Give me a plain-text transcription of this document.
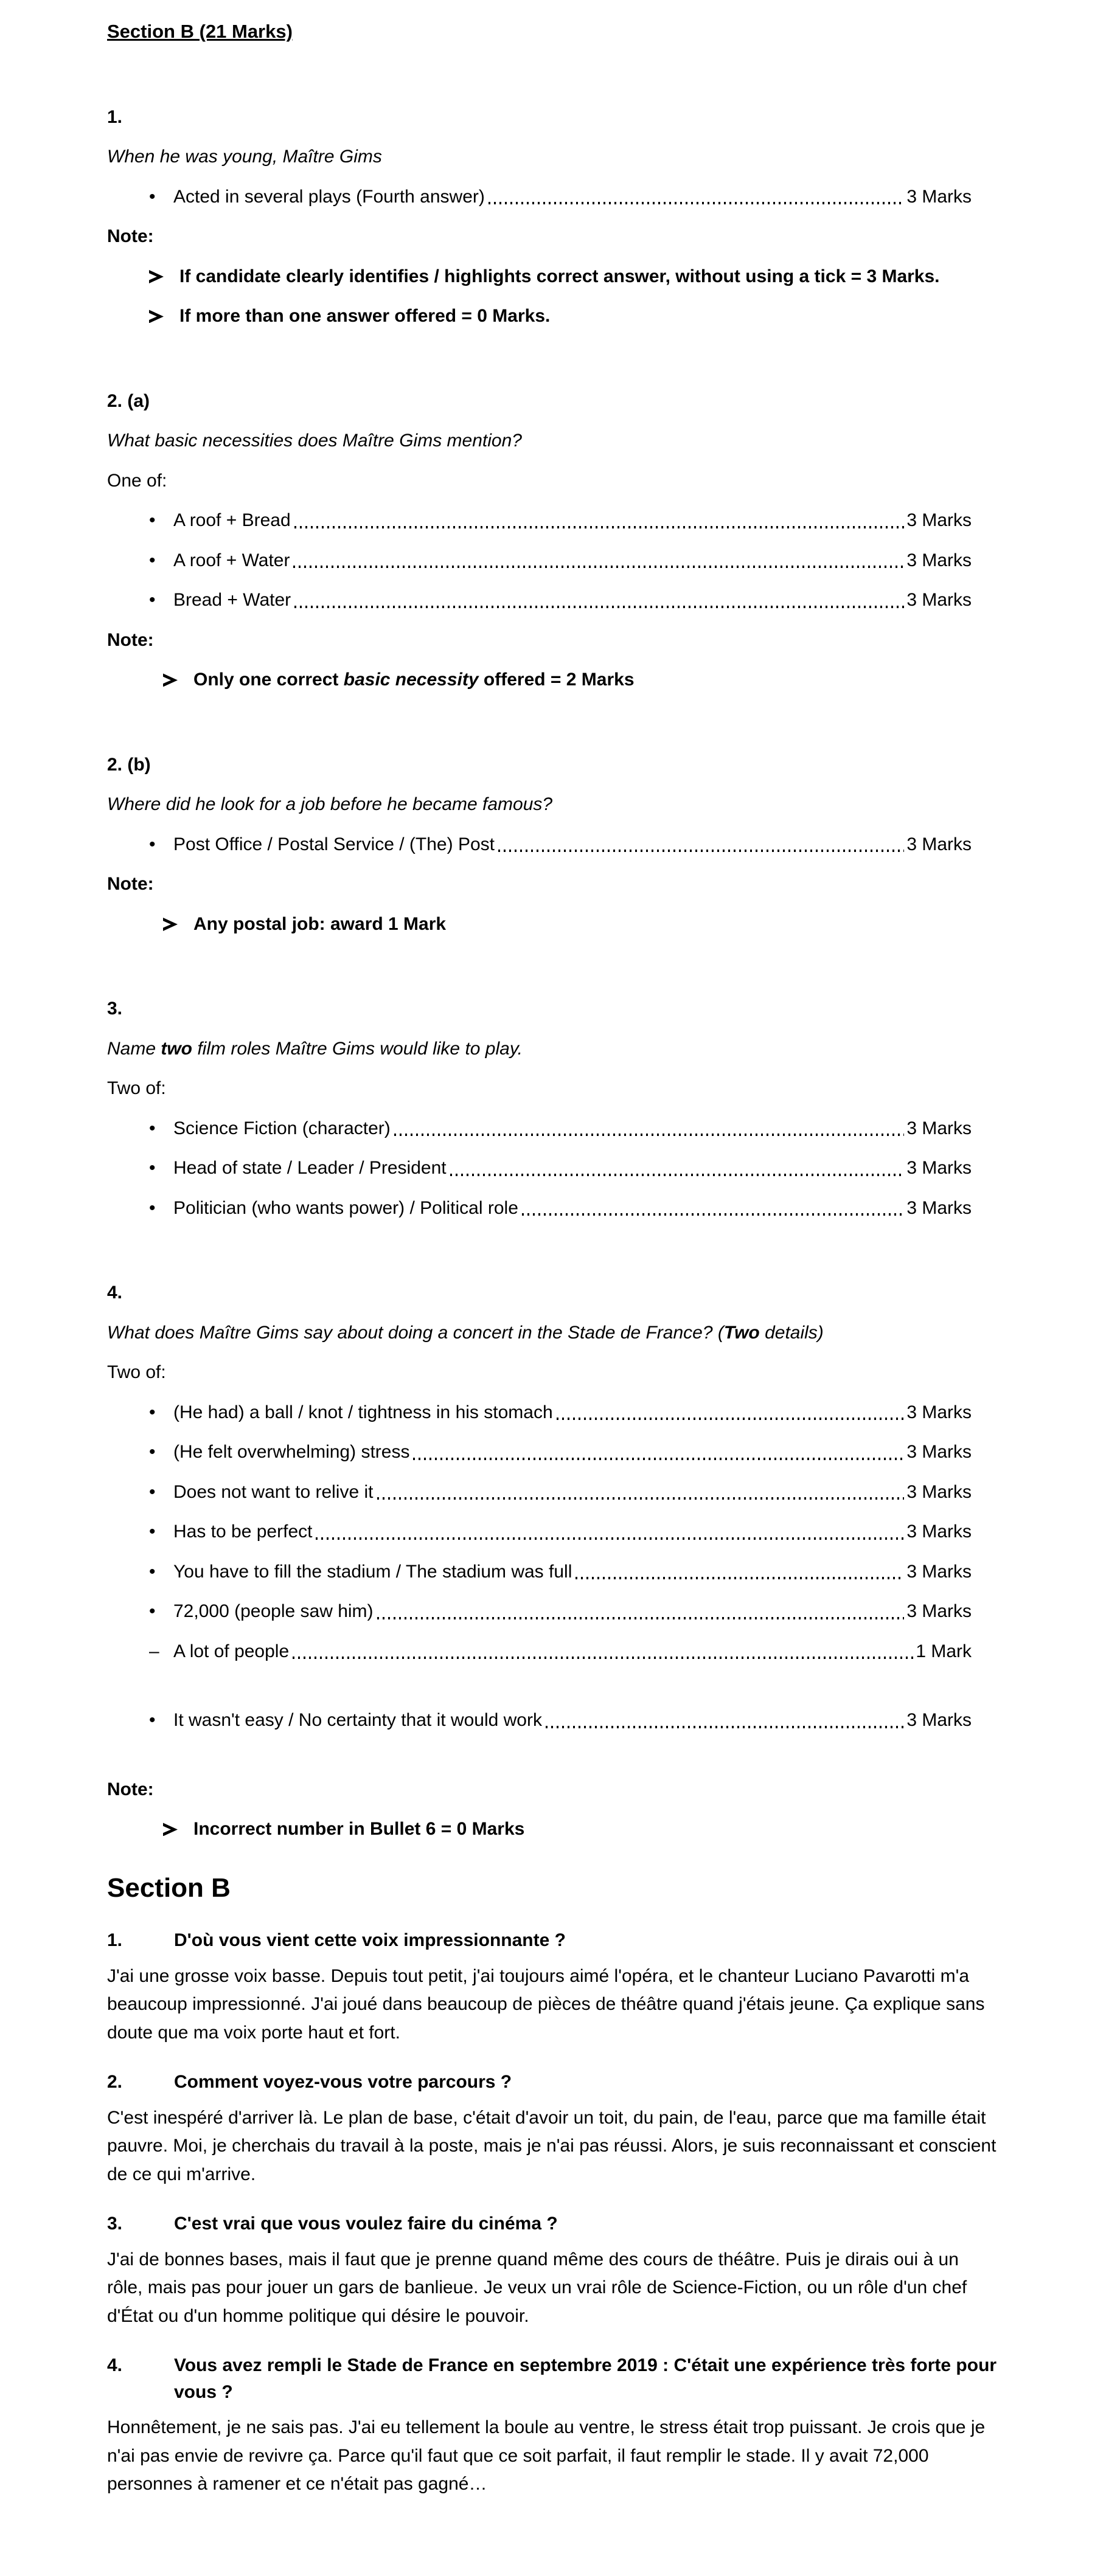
Section B (21 Marks)
1.
When he was young, Maître Gims
• Acted in several plays (Fourth answer)	3 Marks
Note:
If candidate clearly identifies / highlights correct answer, without using a tick = 3 Marks.
If more than one answer offered = 0 Marks.
2. (a)
What basic necessities does Maître Gims mention?
One of:
• A roof + Bread	3 Marks
• A roof + Water	3 Marks
• Bread + Water	3 Marks
Note:
Only one correct basic necessity offered = 2 Marks
2. (b)
Where did he look for a job before he became famous?
• Post Office / Postal Service / (The) Post	3 Marks
Note:
Any postal job: award 1 Mark
3.
Name two film roles Maître Gims would like to play.
Two of:
• Science Fiction (character)	3 Marks
• Head of state / Leader / President	3 Marks
• Politician (who wants power) / Political role	3 Marks
4.
What does Maître Gims say about doing a concert in the Stade de France? (Two details)
Two of:
• (He had) a ball / knot / tightness in his stomach	3 Marks
• (He felt overwhelming) stress	3 Marks
• Does not want to relive it	3 Marks
• Has to be perfect	3 Marks
• You have to fill the stadium / The stadium was full	3 Marks
• 72,000 (people saw him)	3 Marks
– A lot of people	1 Mark
• It wasn't easy / No certainty that it would work	3 Marks
Note:
Incorrect number in Bullet 6 = 0 Marks
Section B
1.	D'où vous vient cette voix impressionnante ?
J'ai une grosse voix basse. Depuis tout petit, j'ai toujours aimé l'opéra, et le chanteur Luciano Pavarotti m'a beaucoup impressionné. J'ai joué dans beaucoup de pièces de théâtre quand j'étais jeune. Ça explique sans doute que ma voix porte haut et fort.
2.	Comment voyez-vous votre parcours ?
C'est inespéré d'arriver là. Le plan de base, c'était d'avoir un toit, du pain, de l'eau, parce que ma famille était pauvre. Moi, je cherchais du travail à la poste, mais je n'ai pas réussi. Alors, je suis reconnaissant et conscient de ce qui m'arrive.
3.	C'est vrai que vous voulez faire du cinéma ?
J'ai de bonnes bases, mais il faut que je prenne quand même des cours de théâtre. Puis je dirais oui à un rôle, mais pas pour jouer un gars de banlieue. Je veux un vrai rôle de Science-Fiction, ou un rôle d'un chef d'État ou d'un homme politique qui désire le pouvoir.
4.	Vous avez rempli le Stade de France en septembre 2019 : C'était une expérience très forte pour vous ?
Honnêtement, je ne sais pas. J'ai eu tellement la boule au ventre, le stress était trop puissant. Je crois que je n'ai pas envie de revivre ça. Parce qu'il faut que ce soit parfait, il faut remplir le stade. Il y avait 72,000 personnes à ramener et ce n'était pas gagné…
